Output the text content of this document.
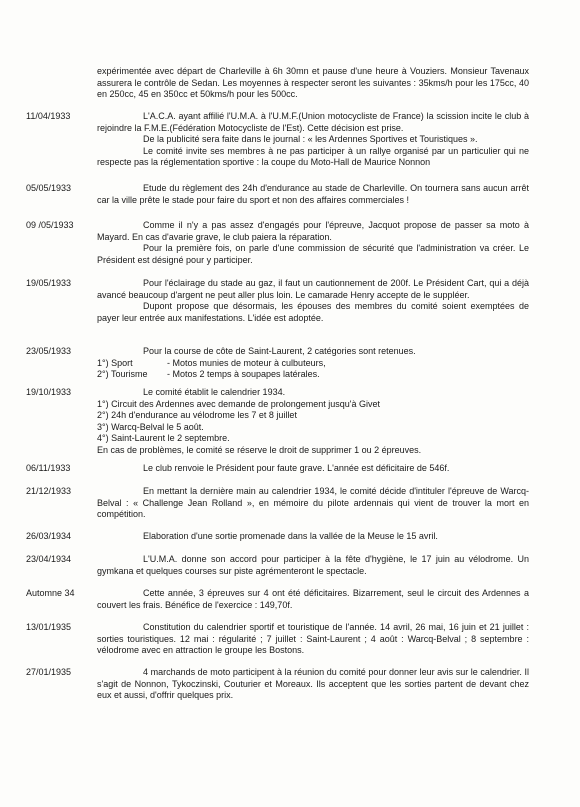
expérimentée avec départ de Charleville à 6h 30mn et pause d'une heure à Vouziers. Monsieur Tavenaux assurera le contrôle de Sedan. Les moyennes à respecter seront les suivantes : 35kms/h pour les 175cc, 40 en 250cc, 45 en 350cc et 50kms/h pour les 500cc.

11/04/1933	L'A.C.A. ayant affilié l'U.M.A. à l'U.M.F.(Union motocycliste de France) la scission incite le club à rejoindre la F.M.E.(Fédération Motocycliste de l'Est). Cette décision est prise.

De la publicité sera faite dans le journal : « les Ardennes Sportives et Touristiques ».

Le comité invite ses membres à ne pas participer à un rallye organisé par un particulier qui ne respecte pas la réglementation sportive : la coupe du Moto-Hall de Maurice Nonnon

05/05/1933	Etude du règlement des 24h d'endurance au stade de Charleville. On tournera sans aucun arrêt car la ville prête le stade pour faire du sport et non des affaires commerciales !

09 /05/1933	Comme il n'y a pas assez d'engagés pour l'épreuve, Jacquot propose de passer sa moto à Mayard. En cas d'avarie grave, le club paiera la réparation.

Pour la première fois, on parle d'une commission de sécurité que l'administration va créer. Le Président est désigné pour y participer.

19/05/1933	Pour l'éclairage du stade au gaz, il faut un cautionnement de 200f. Le Président Cart, qui a déjà avancé beaucoup d'argent ne peut aller plus loin. Le camarade Henry accepte de le suppléer.

Dupont propose que désormais, les épouses des membres du comité soient exemptées de payer leur entrée aux manifestations. L'idée est adoptée.

23/05/1933	Pour la course de côte de Saint-Laurent, 2 catégories sont retenues.

1°) Sport	- Motos munies de moteur à culbuteurs,
2°) Tourisme	- Motos 2 temps à soupapes latérales.
19/10/1933	Le comité établit le calendrier 1934.

1°) Circuit des Ardennes avec demande de prolongement jusqu'à Givet

2°) 24h d'endurance au vélodrome les 7 et 8 juillet

3°) Warcq-Belval le 5 août.

4°) Saint-Laurent le 2 septembre.

En cas de problèmes, le comité se réserve le droit de supprimer 1 ou 2 épreuves.

06/11/1933	Le club renvoie le Président pour faute grave. L'année est déficitaire de 546f.

21/12/1933	En mettant la dernière main au calendrier 1934, le comité décide d'intituler l'épreuve de Warcq-Belval : « Challenge Jean Rolland », en mémoire du pilote ardennais qui vient de trouver la mort en compétition.

26/03/1934	Elaboration d'une sortie promenade dans la vallée de la Meuse le 15 avril.

23/04/1934	L'U.M.A. donne son accord pour participer à la fête d'hygiène, le 17 juin au vélodrome. Un gymkana et quelques courses sur piste agrémenteront le spectacle.

Automne 34	Cette année, 3 épreuves sur 4 ont été déficitaires. Bizarrement, seul le circuit des Ardennes a couvert les frais. Bénéfice de l'exercice : 149,70f.

13/01/1935	Constitution du calendrier sportif et touristique de l'année. 14 avril, 26 mai, 16 juin et 21 juillet : sorties touristiques. 12 mai : régularité ; 7 juillet : Saint-Laurent ; 4 août : Warcq-Belval ; 8 septembre : vélodrome avec en attraction le groupe les Bostons.

27/01/1935	4 marchands de moto participent à la réunion du comité pour donner leur avis sur le calendrier. Il s'agit de Nonnon, Tykoczinski, Couturier et Moreaux. Ils acceptent que les sorties partent de devant chez eux et aussi, d'offrir quelques prix.
